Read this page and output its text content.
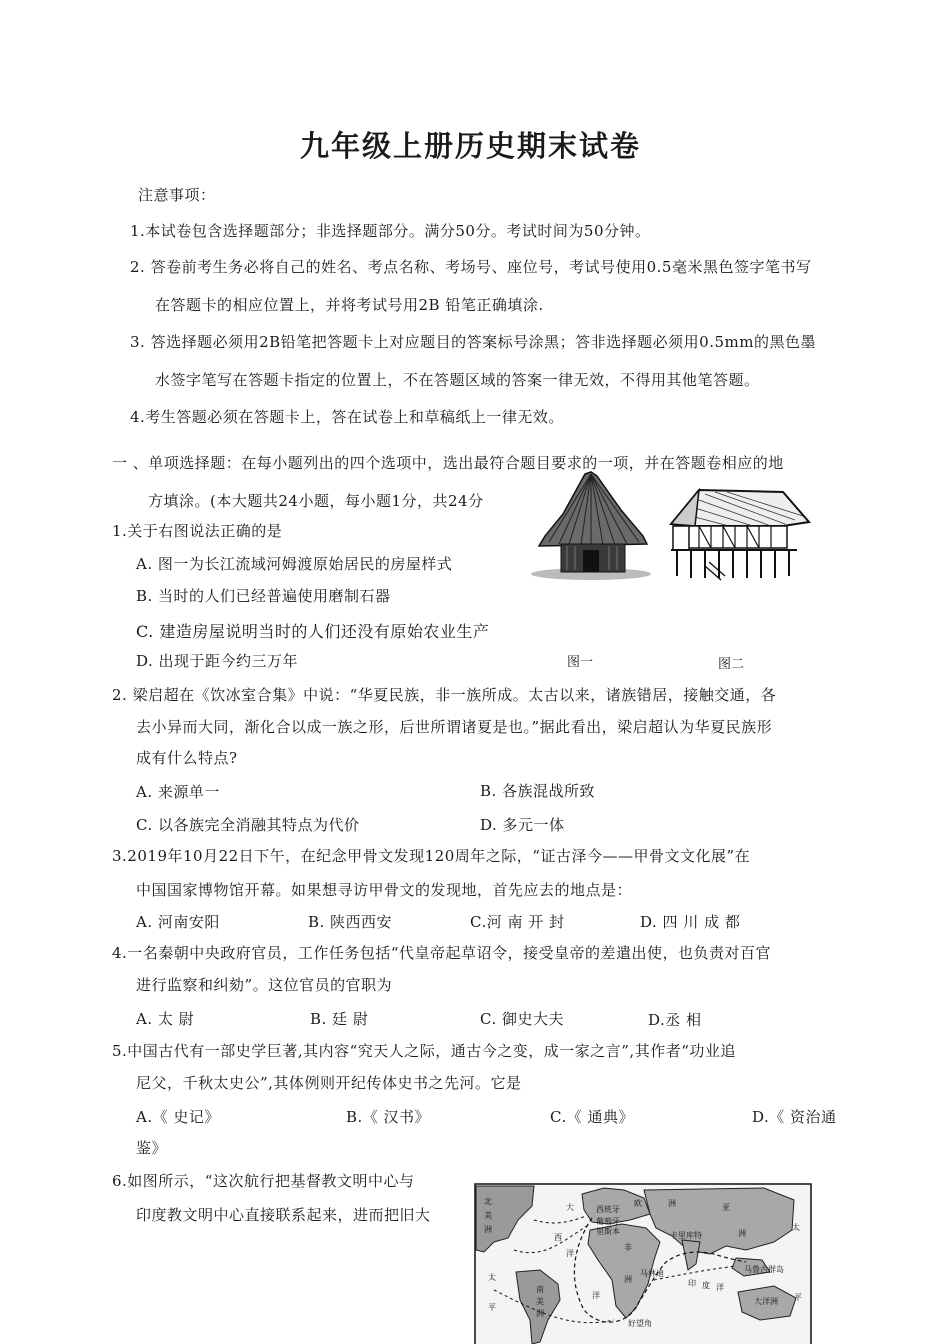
九年级上册历史期末试卷
注意事项：
1.本试卷包含选择题部分；非选择题部分。满分50分。考试时间为50分钟。
2. 答卷前考生务必将自己的姓名、考点名称、考场号、座位号，考试号使用0.5毫米黑色签字笔书写
在答题卡的相应位置上，并将考试号用2B 铅笔正确填涂.
3. 答选择题必须用2B铅笔把答题卡上对应题目的答案标号涂黑；答非选择题必须用0.5mm的黑色墨
水签字笔写在答题卡指定的位置上，不在答题区域的答案一律无效，不得用其他笔答题。
4.考生答题必须在答题卡上，答在试卷上和草稿纸上一律无效。
一 、单项选择题：在每小题列出的四个选项中，选出最符合题目要求的一项，并在答题卷相应的地
方填涂。(本大题共24小题，每小题1分，共24分
1.关于右图说法正确的是
A. 图一为长江流域河姆渡原始居民的房屋样式
B. 当时的人们已经普遍使用磨制石器
C. 建造房屋说明当时的人们还没有原始农业生产
D. 出现于距今约三万年	图一	图二
2. 梁启超在《饮冰室合集》中说：“华夏民族，非一族所成。太古以来，诸族错居，接触交通，各
去小异而大同，渐化合以成一族之形，后世所谓诸夏是也。”据此看出，梁启超认为华夏民族形
成有什么特点?
A. 来源单一	B. 各族混战所致
C. 以各族完全消融其特点为代价	D. 多元一体
3.2019年10月22日下午，在纪念甲骨文发现120周年之际，“证古泽今——甲骨文文化展”在
中国国家博物馆开幕。如果想寻访甲骨文的发现地，首先应去的地点是：
A. 河南安阳	B. 陕西西安	C.河 南 开 封	D. 四 川 成 都
4.一名秦朝中央政府官员，工作任务包括“代皇帝起草诏令，接受皇帝的差遣出使，也负责对百官
进行监察和纠劾”。这位官员的官职为
A. 太 尉	B. 廷 尉	C. 御史大夫	D.丞 相
5.中国古代有一部史学巨著,其内容“究天人之际，通古今之变，成一家之言”,其作者“功业追
尼父，千秋太史公”,其体例则开纪传体史书之先河。它是
A.《 史记》	B.《 汉书》	C.《 通典》	D.《 资治通
鉴》
6.如图所示，“这次航行把基督教文明中心与
印度教文明中心直接联系起来，进而把旧大
北
美
洲
大	西班牙
葡萄牙
里斯本
欧	洲	亚
洲
太
西
洋
非
卡里库特
马林迪
洲	印 度 洋
太
南
美
洲
好望角
平
洋
马鲁古群岛
大洋洲 平
